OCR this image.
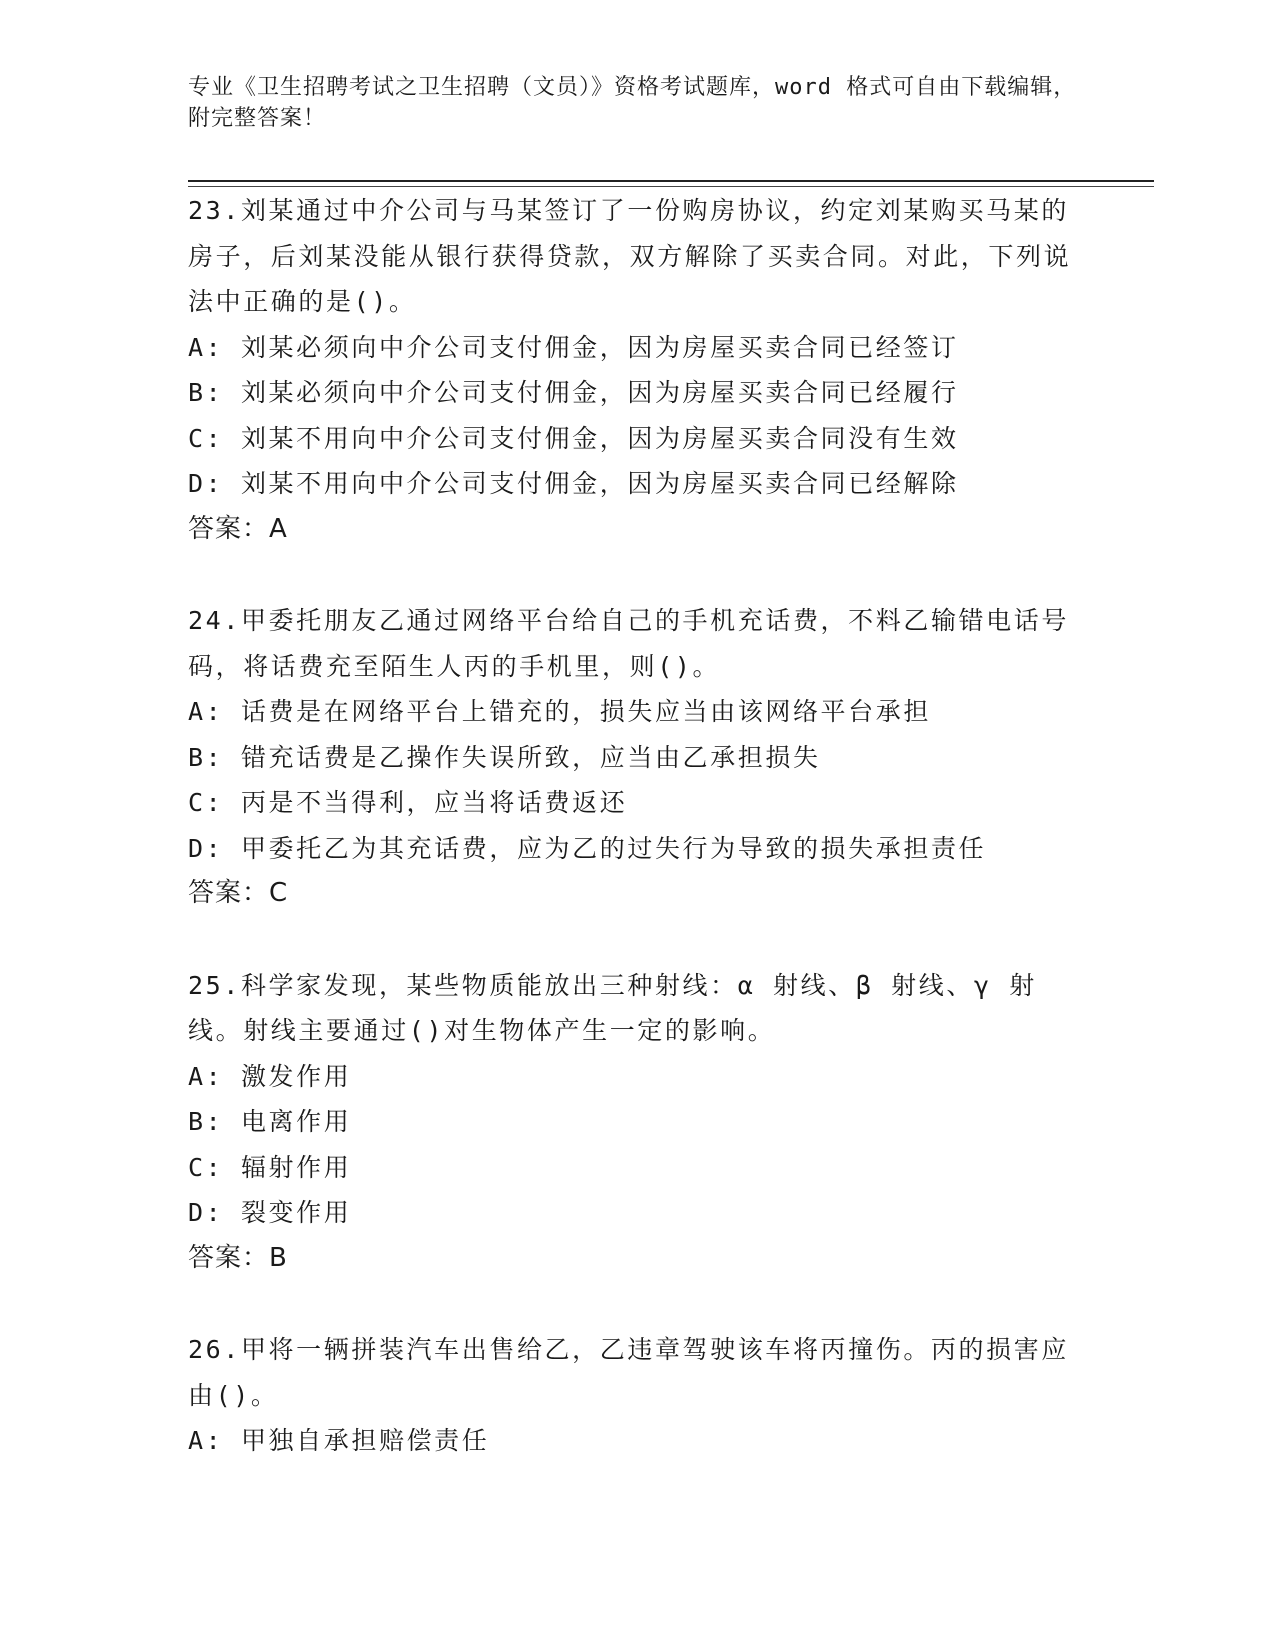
专业《卫生招聘考试之卫生招聘（文员）》资格考试题库，word 格式可自由下载编辑，附完整答案！
23.刘某通过中介公司与马某签订了一份购房协议，约定刘某购买马某的房子，后刘某没能从银行获得贷款，双方解除了买卖合同。对此，下列说法中正确的是()。
A: 刘某必须向中介公司支付佣金，因为房屋买卖合同已经签订
B: 刘某必须向中介公司支付佣金，因为房屋买卖合同已经履行
C: 刘某不用向中介公司支付佣金，因为房屋买卖合同没有生效
D: 刘某不用向中介公司支付佣金，因为房屋买卖合同已经解除
答案：A
24.甲委托朋友乙通过网络平台给自己的手机充话费，不料乙输错电话号码，将话费充至陌生人丙的手机里，则()。
A: 话费是在网络平台上错充的，损失应当由该网络平台承担
B: 错充话费是乙操作失误所致，应当由乙承担损失
C: 丙是不当得利，应当将话费返还
D: 甲委托乙为其充话费，应为乙的过失行为导致的损失承担责任
答案：C
25.科学家发现，某些物质能放出三种射线：α 射线、β 射线、γ 射线。射线主要通过()对生物体产生一定的影响。
A: 激发作用
B: 电离作用
C: 辐射作用
D: 裂变作用
答案：B
26.甲将一辆拼装汽车出售给乙，乙违章驾驶该车将丙撞伤。丙的损害应由()。
A: 甲独自承担赔偿责任
